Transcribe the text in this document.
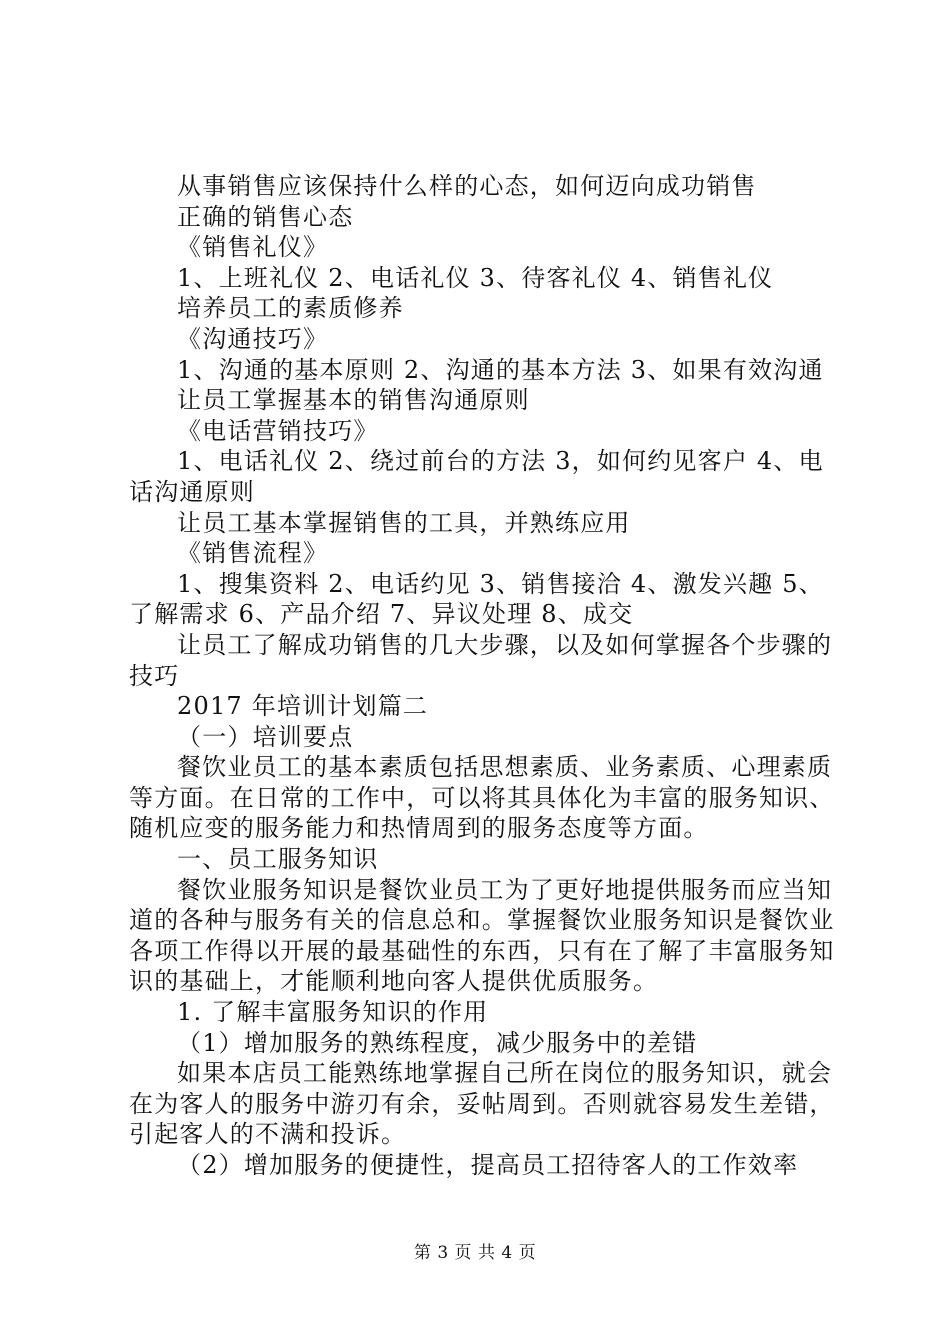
从事销售应该保持什么样的心态，如何迈向成功销售

正确的销售心态

《销售礼仪》

1、上班礼仪 2、电话礼仪 3、待客礼仪 4、销售礼仪

培养员工的素质修养

《沟通技巧》

1、沟通的基本原则 2、沟通的基本方法 3、如果有效沟通

让员工掌握基本的销售沟通原则

《电话营销技巧》

1、电话礼仪 2、绕过前台的方法 3，如何约见客户 4、电话沟通原则

让员工基本掌握销售的工具，并熟练应用

《销售流程》

1、搜集资料 2、电话约见 3、销售接洽 4、激发兴趣 5、了解需求 6、产品介绍 7、异议处理 8、成交

让员工了解成功销售的几大步骤，以及如何掌握各个步骤的技巧

2017 年培训计划篇二

（一）培训要点

餐饮业员工的基本素质包括思想素质、业务素质、心理素质等方面。在日常的工作中，可以将其具体化为丰富的服务知识、随机应变的服务能力和热情周到的服务态度等方面。

一、员工服务知识

餐饮业服务知识是餐饮业员工为了更好地提供服务而应当知道的各种与服务有关的信息总和。掌握餐饮业服务知识是餐饮业各项工作得以开展的最基础性的东西，只有在了解了丰富服务知识的基础上，才能顺利地向客人提供优质服务。

1. 了解丰富服务知识的作用

（1）增加服务的熟练程度，减少服务中的差错

如果本店员工能熟练地掌握自己所在岗位的服务知识，就会在为客人的服务中游刃有余，妥帖周到。否则就容易发生差错，引起客人的不满和投诉。

（2）增加服务的便捷性，提高员工招待客人的工作效率

第 3 页 共 4 页
